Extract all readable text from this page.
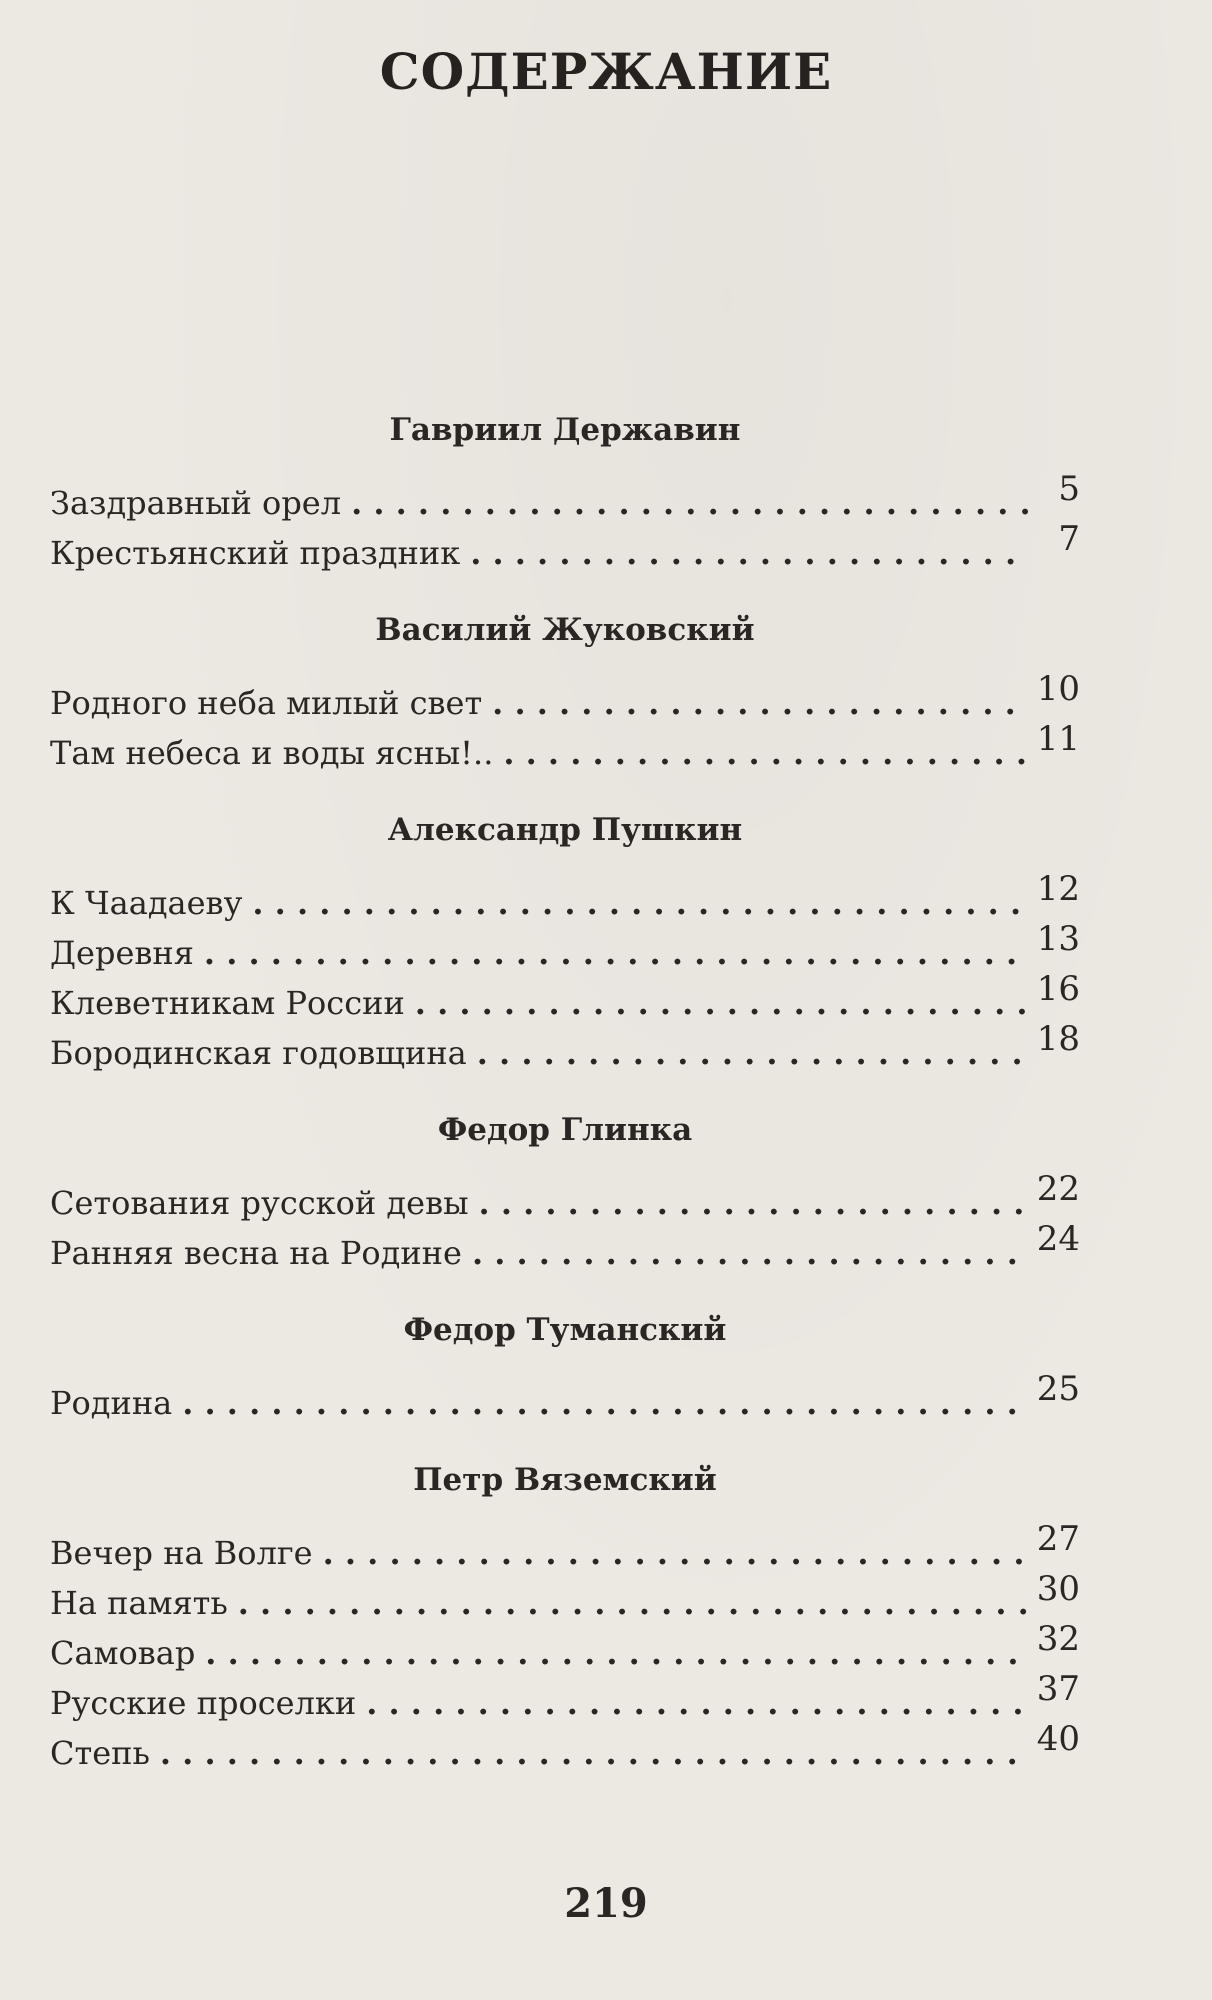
СОДЕРЖАНИЕ
Гавриил Державин
Заздравный орел . . .	5
Крестьянский праздник . . .	7
Василий Жуковский
Родного неба милый свет . . .	10
Там небеса и воды ясны!.. . . .	11
Александр Пушкин
К Чаадаеву . . .	12
Деревня . . .	13
Клеветникам России . . .	16
Бородинская годовщина . . .	18
Федор Глинка
Сетования русской девы . . .	22
Ранняя весна на Родине . . .	24
Федор Туманский
Родина . . .	25
Петр Вяземский
Вечер на Волге . . .	27
На память . . .	30
Самовар . . .	32
Русские проселки . . .	37
Степь . . .	40
219
